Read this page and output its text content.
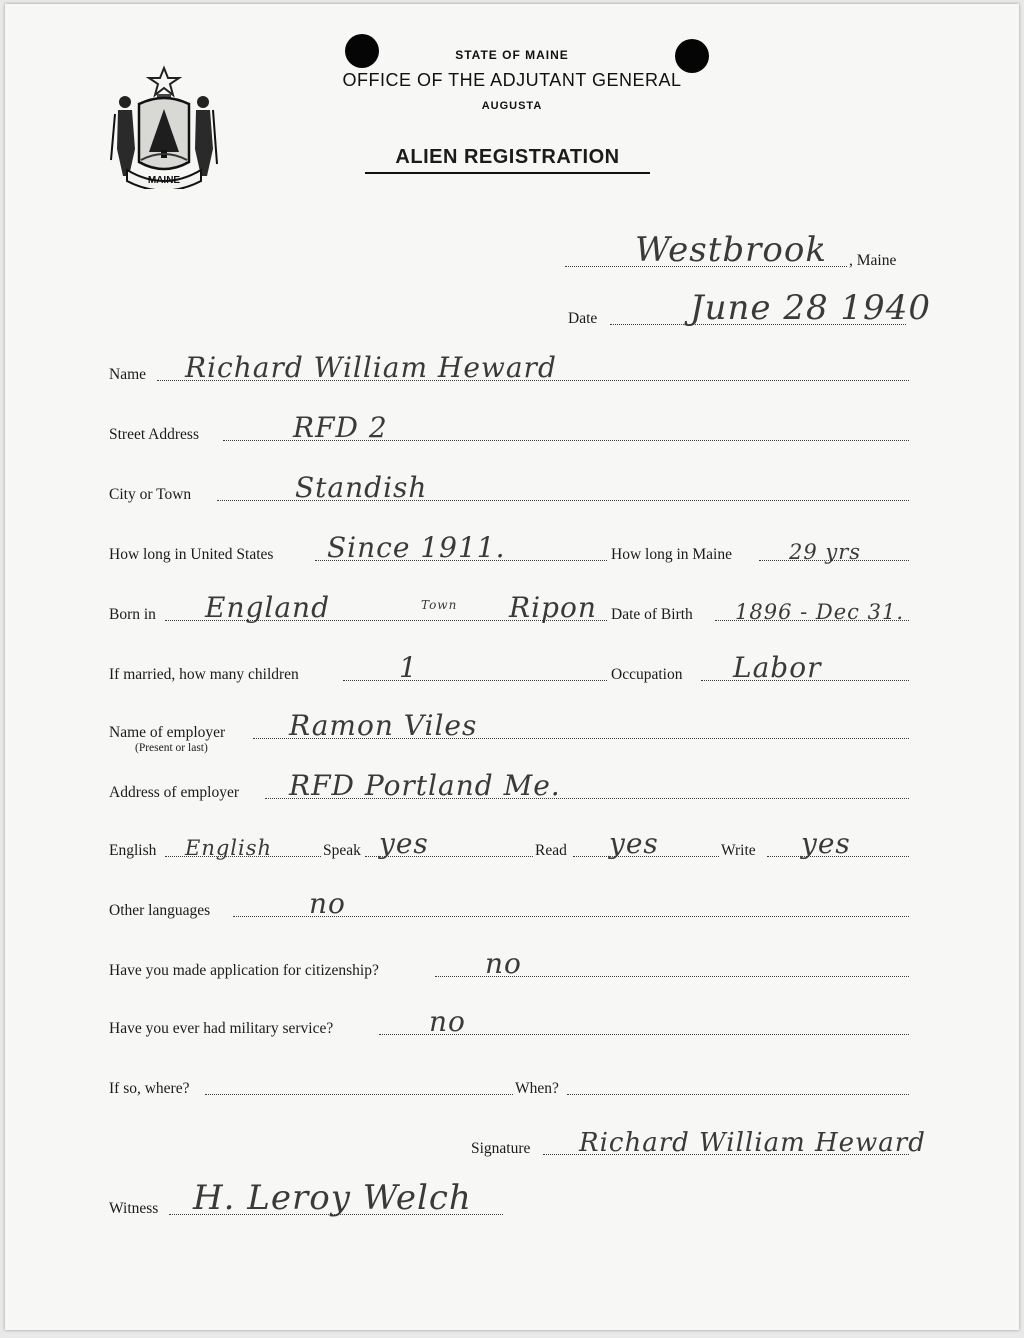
MAINE
STATE OF MAINE
OFFICE OF THE ADJUTANT GENERAL
AUGUSTA
ALIEN REGISTRATION
Westbrook , Maine
Date	June 28 1940
Name Richard William Heward
Street Address	RFD 2
City or Town	Standish
How long in United States Since 1911.	How long in Maine	29 yrs
Born in England	Town Ripon Date of Birth 1896 - Dec 31.
If married, how many children	1	Occupation Labor
Name of employer Ramon Viles
(Present or last)
Address of employer RFD Portland Me.
English English	Speak yes	Read yes	Write yes
Other languages	no
Have you made application for citizenship?	no
Have you ever had military service?	no
If so, where?	When?
Signature Richard William Heward
Witness H. Leroy Welch
